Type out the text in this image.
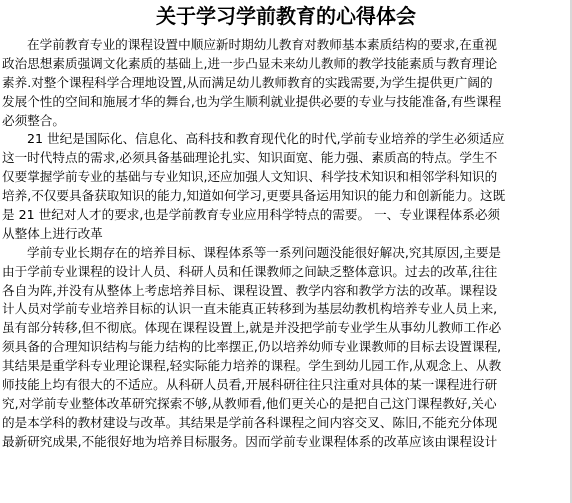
关于学习学前教育的心得体会
在学前教育专业的课程设置中顺应新时期幼儿教育对教师基本素质结构的要求,在重视
政治思想素质强调文化素质的基础上,进一步凸显未来幼儿教师的教学技能素质与教育理论
素养.对整个课程科学合理地设置,从而满足幼儿教师教育的实践需要,为学生提供更广阔的
发展个性的空间和施展才华的舞台,也为学生顺利就业提供必要的专业与技能准备,有些课程
必须整合。
21 世纪是国际化、信息化、高科技和教育现代化的时代,学前专业培养的学生必须适应
这一时代特点的需求,必须具备基础理论扎实、知识面宽、能力强、素质高的特点。学生不
仅要掌握学前专业的基础与专业知识,还应加强人文知识、科学技术知识和相邻学科知识的
培养,不仅要具备获取知识的能力,知道如何学习,更要具备运用知识的能力和创新能力。这既
是 21 世纪对人才的要求,也是学前教育专业应用科学特点的需要。 一、专业课程体系必须
从整体上进行改革
学前专业长期存在的培养目标、课程体系等一系列问题没能很好解决,究其原因,主要是
由于学前专业课程的设计人员、科研人员和任课教师之间缺乏整体意识。过去的改革,往往
各自为阵,并没有从整体上考虑培养目标、课程设置、教学内容和教学方法的改革。课程设
计人员对学前专业培养目标的认识一直未能真正转移到为基层幼教机构培养专业人员上来,
虽有部分转移,但不彻底。体现在课程设置上,就是并没把学前专业学生从事幼儿教师工作必
须具备的合理知识结构与能力结构的比率摆正,仍以培养幼师专业课教师的目标去设置课程,
其结果是重学科专业理论课程,轻实际能力培养的课程。学生到幼儿园工作,从观念上、从教
师技能上均有很大的不适应。从科研人员看,开展科研往往只注重对具体的某一课程进行研
究,对学前专业整体改革研究探索不够,从教师看,他们更关心的是把自己这门课程教好,关心
的是本学科的教材建设与改革。其结果是学前各科课程之间内容交叉、陈旧,不能充分体现
最新研究成果,不能很好地为培养目标服务。因而学前专业课程体系的改革应该由课程设计
